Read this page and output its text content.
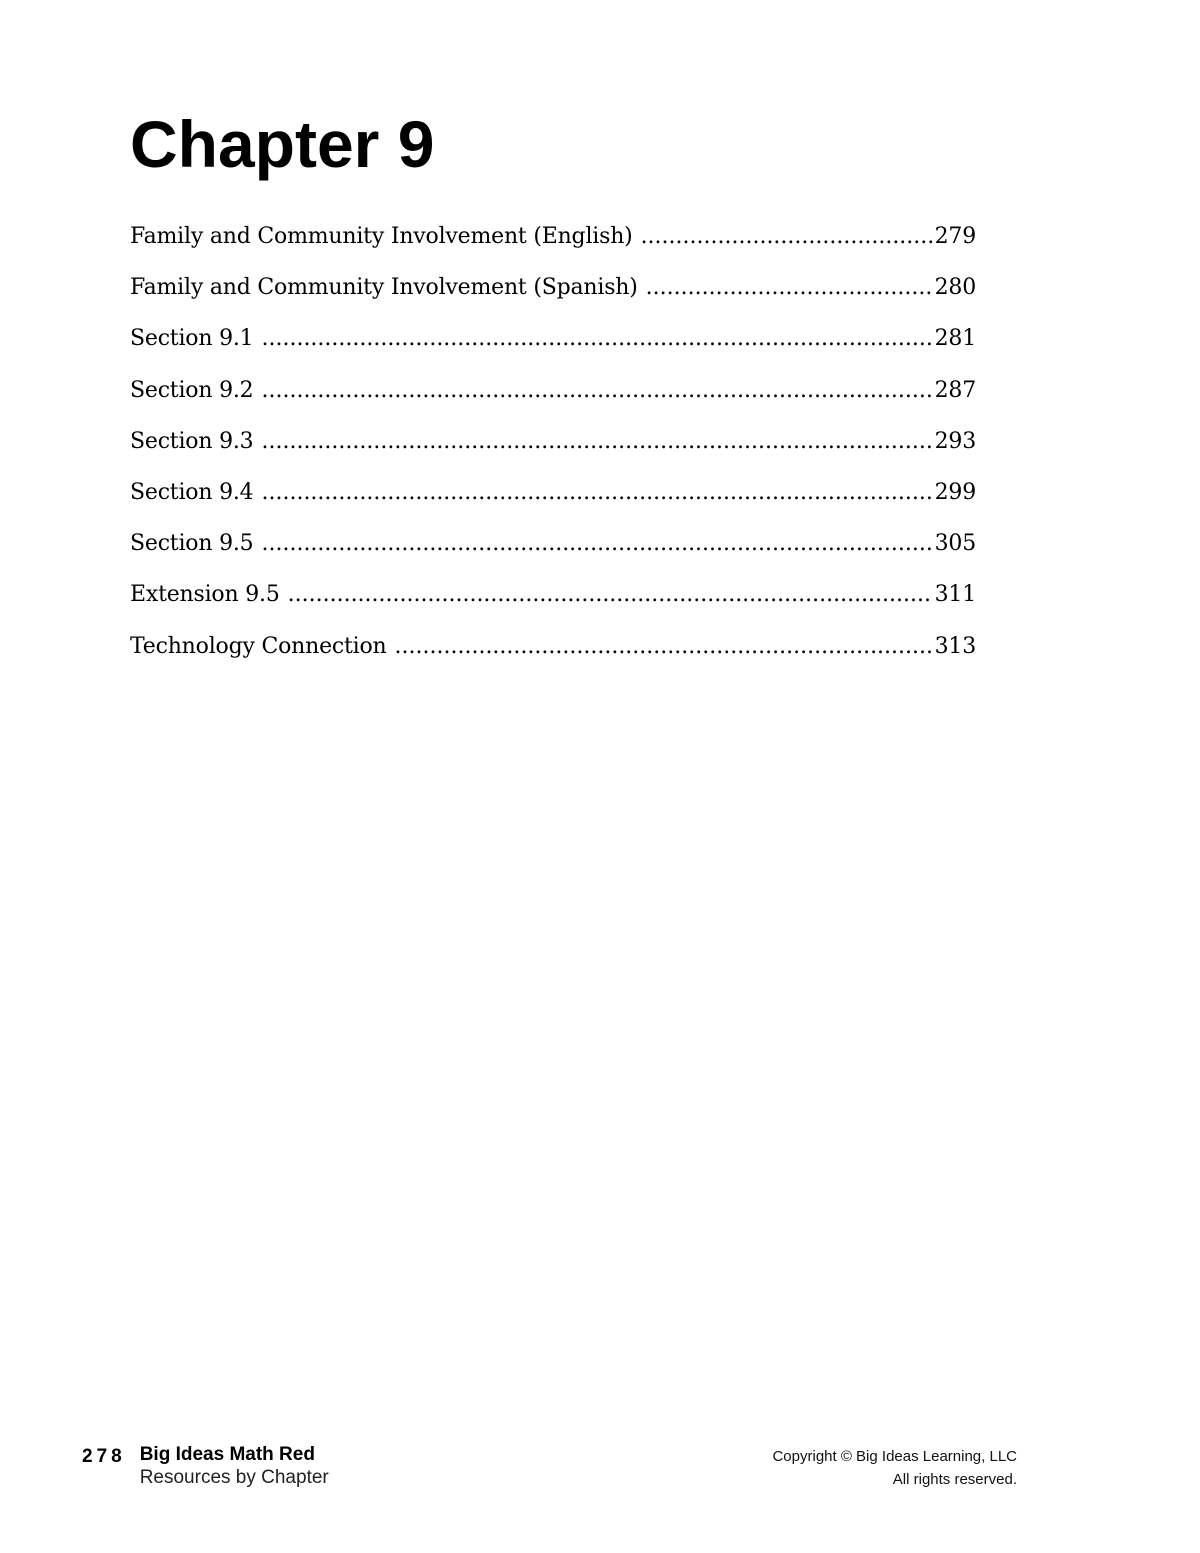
Chapter 9
Family and Community Involvement (English) .....	279
Family and Community Involvement (Spanish) .....	280
Section 9.1 .....	281
Section 9.2 .....	287
Section 9.3 .....	293
Section 9.4 .....	299
Section 9.5 .....	305
Extension 9.5 .....	311
Technology Connection .....	313
278 Big Ideas Math Red
Resources by Chapter
Copyright © Big Ideas Learning, LLC
All rights reserved.
